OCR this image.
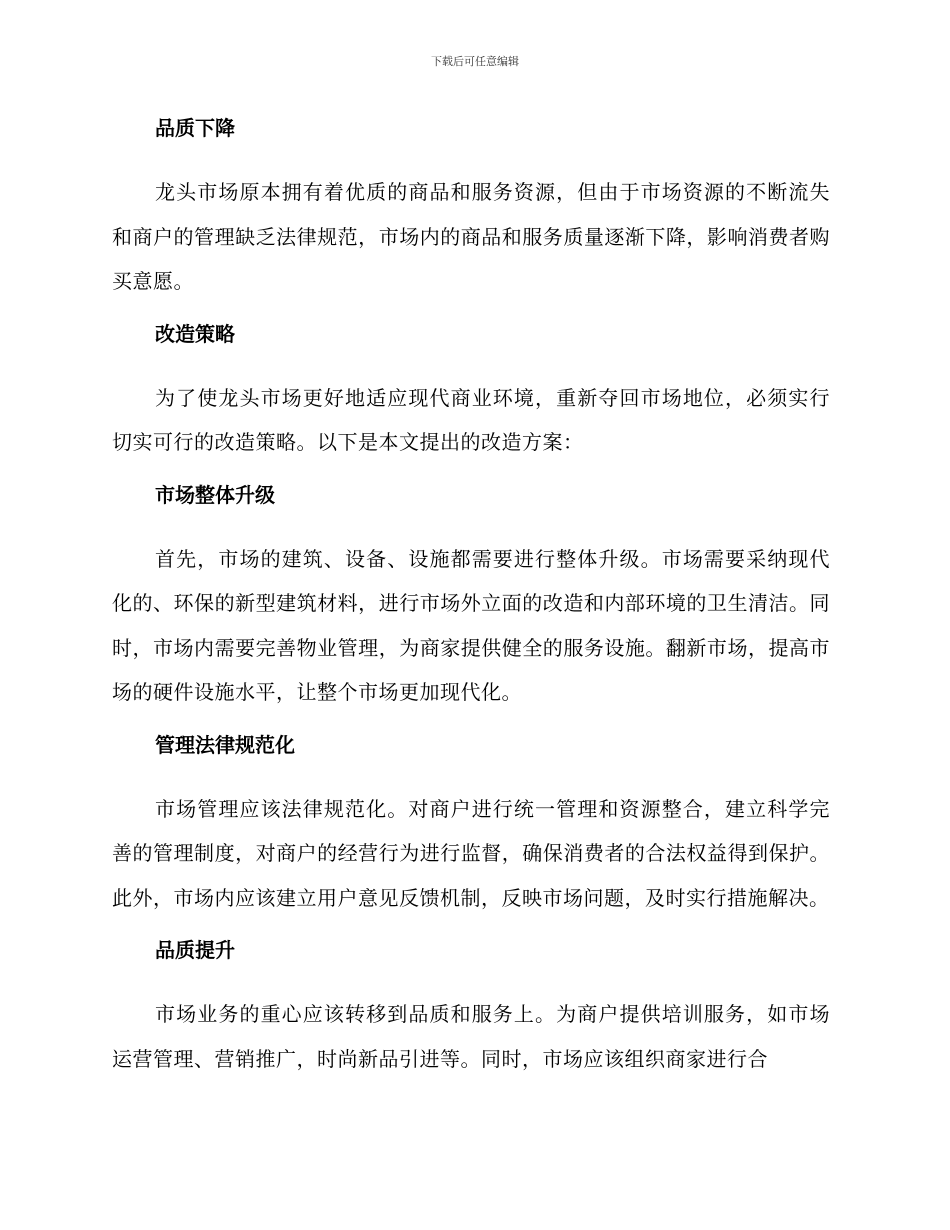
下载后可任意编辑
品质下降

龙头市场原本拥有着优质的商品和服务资源，但由于市场资源的不断流失和商户的管理缺乏法律规范，市场内的商品和服务质量逐渐下降，影响消费者购买意愿。

改造策略

为了使龙头市场更好地适应现代商业环境，重新夺回市场地位，必须实行切实可行的改造策略。以下是本文提出的改造方案：

市场整体升级

首先，市场的建筑、设备、设施都需要进行整体升级。市场需要采纳现代化的、环保的新型建筑材料，进行市场外立面的改造和内部环境的卫生清洁。同时，市场内需要完善物业管理，为商家提供健全的服务设施。翻新市场，提高市场的硬件设施水平，让整个市场更加现代化。

管理法律规范化

市场管理应该法律规范化。对商户进行统一管理和资源整合，建立科学完善的管理制度，对商户的经营行为进行监督，确保消费者的合法权益得到保护。此外，市场内应该建立用户意见反馈机制，反映市场问题，及时实行措施解决。

品质提升

市场业务的重心应该转移到品质和服务上。为商户提供培训服务，如市场运营管理、营销推广，时尚新品引进等。同时，市场应该组织商家进行合
